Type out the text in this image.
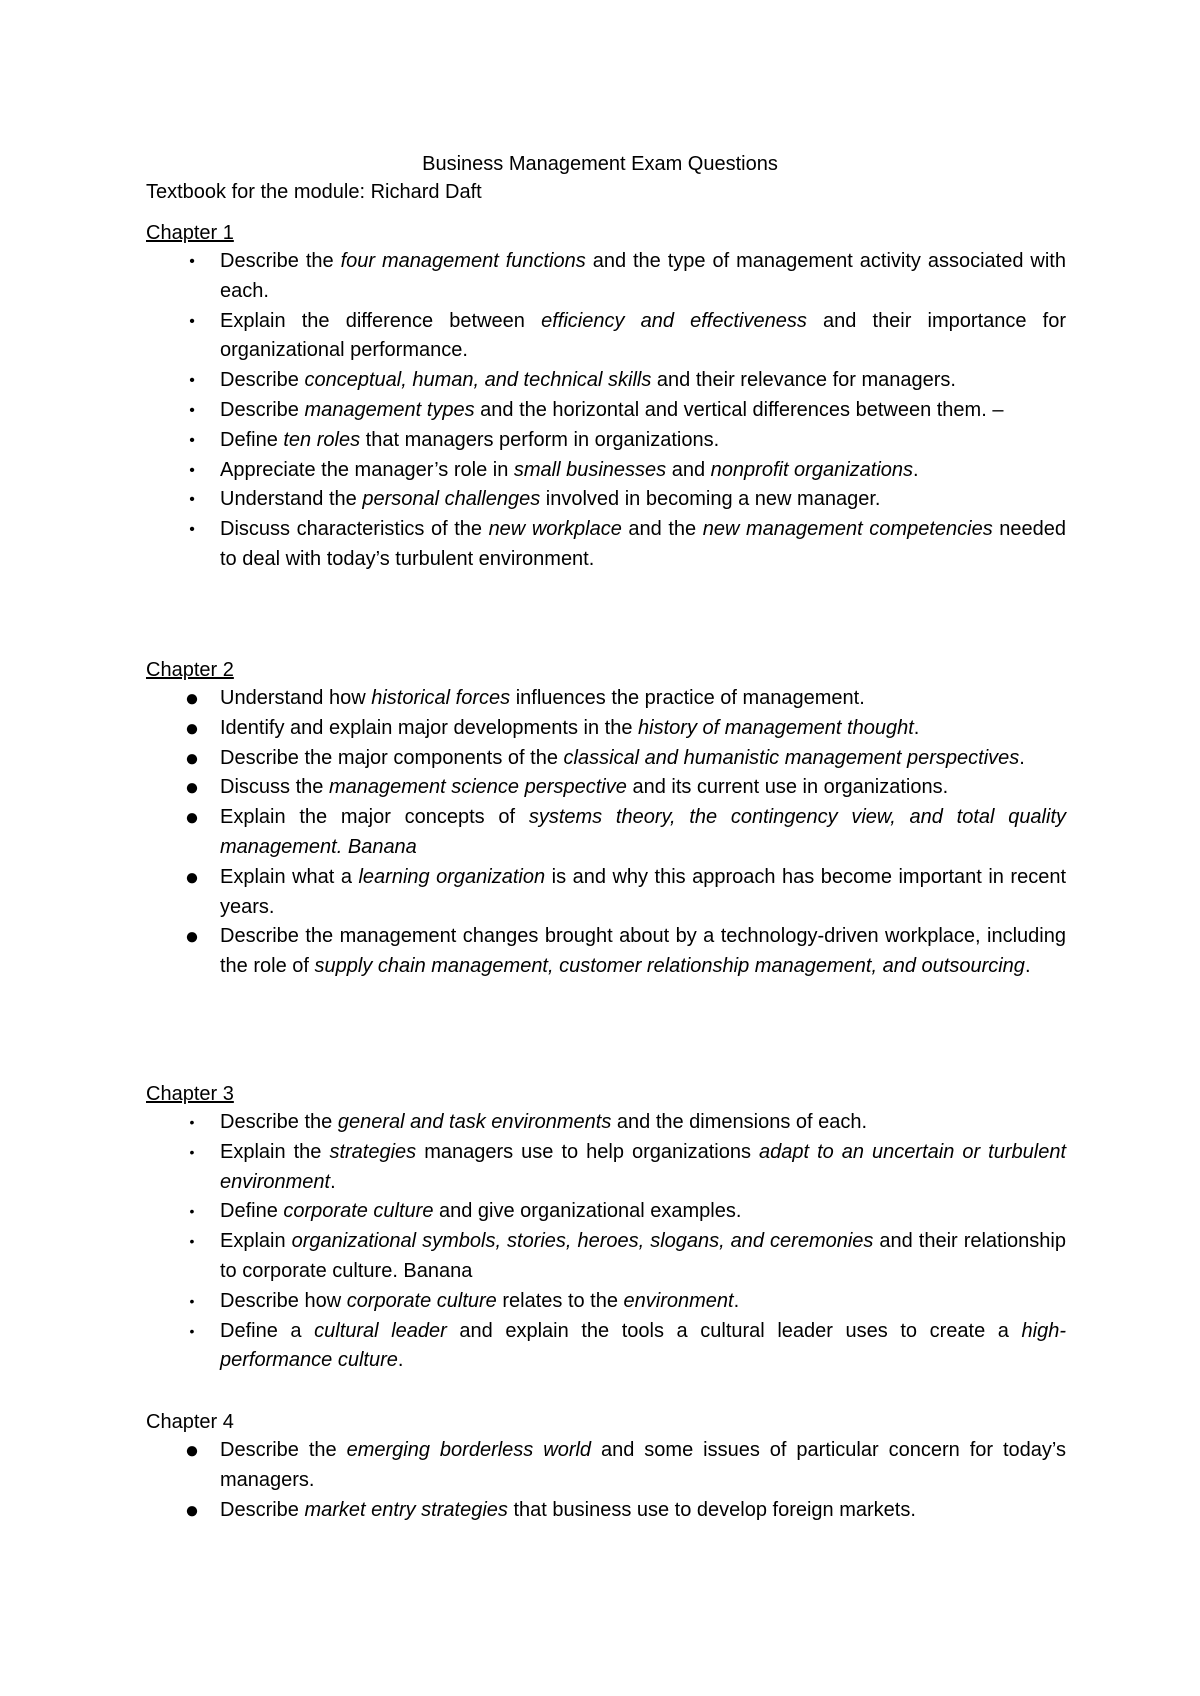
Business Management Exam Questions

Textbook for the module: Richard Daft

Chapter 1
•	Describe the four management functions and the type of management activity associated with each.
•	Explain the difference between efficiency and effectiveness and their importance for organizational performance.
•	Describe conceptual, human, and technical skills and their relevance for managers.
•	Describe management types and the horizontal and vertical differences between them. –
•	Define ten roles that managers perform in organizations.
•	Appreciate the manager’s role in small businesses and nonprofit organizations.
•	Understand the personal challenges involved in becoming a new manager.
•	Discuss characteristics of the new workplace and the new management competencies needed to deal with today’s turbulent environment.
Chapter 2
● Understand how historical forces influences the practice of management.
● Identify and explain major developments in the history of management thought.
● Describe the major components of the classical and humanistic management perspectives.
● Discuss the management science perspective and its current use in organizations.
● Explain the major concepts of systems theory, the contingency view, and total quality management. Banana
● Explain what a learning organization is and why this approach has become important in recent years.
● Describe the management changes brought about by a technology-driven workplace, including the role of supply chain management, customer relationship management, and outsourcing.
Chapter 3
•	Describe the general and task environments and the dimensions of each.
•	Explain the strategies managers use to help organizations adapt to an uncertain or turbulent environment.
•	Define corporate culture and give organizational examples.
•	Explain organizational symbols, stories, heroes, slogans, and ceremonies and their relationship to corporate culture. Banana
•	Describe how corporate culture relates to the environment.
•	Define a cultural leader and explain the tools a cultural leader uses to create a high-performance culture.
Chapter 4
● Describe the emerging borderless world and some issues of particular concern for today’s managers.
● Describe market entry strategies that business use to develop foreign markets.
